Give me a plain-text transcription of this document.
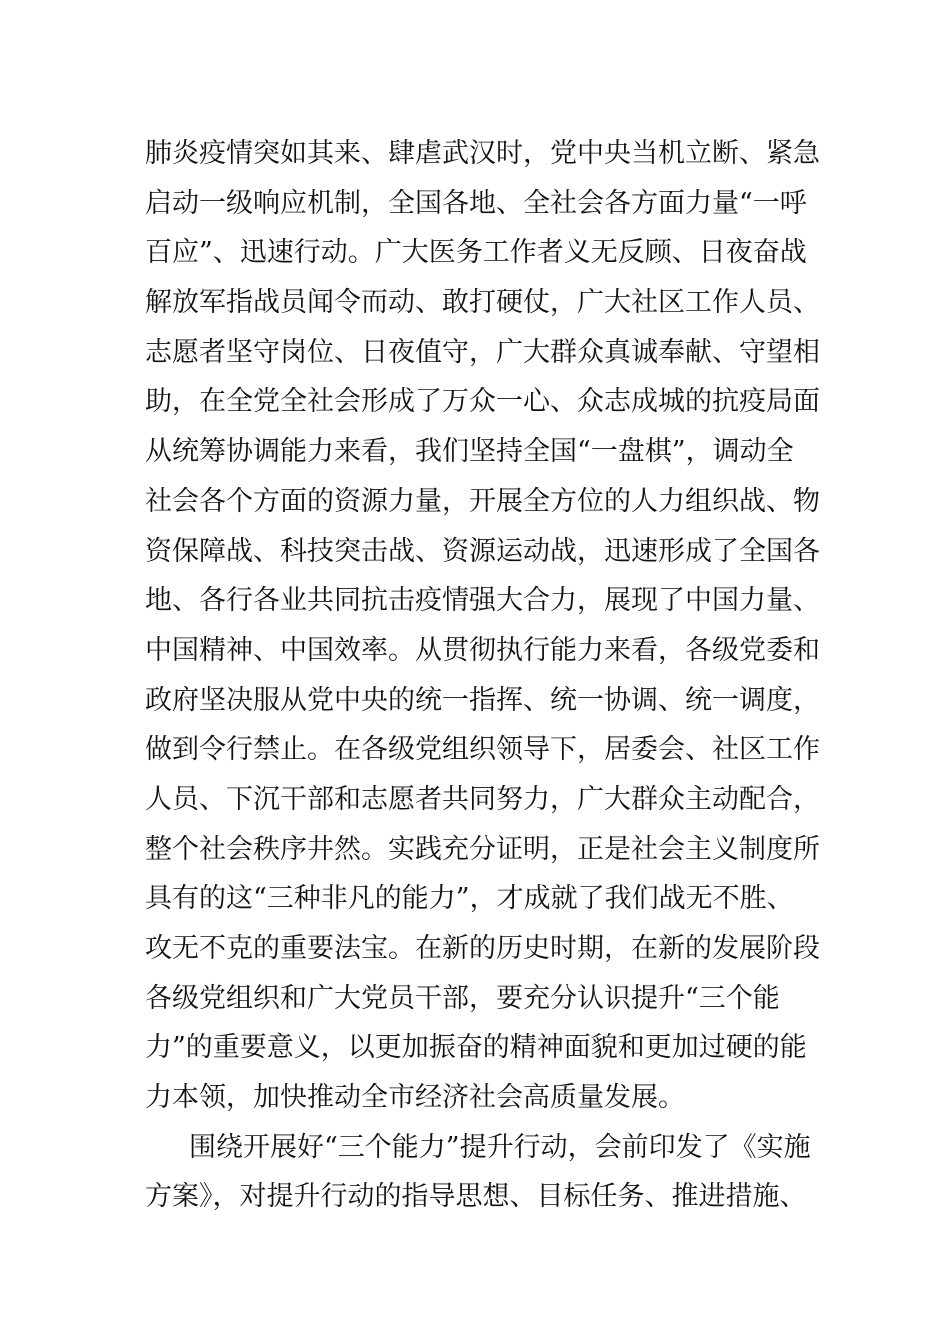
肺炎疫情突如其来、肆虐武汉时，党中央当机立断、紧急
启动一级响应机制，全国各地、全社会各方面力量“一呼
百应”、迅速行动。广大医务工作者义无反顾、日夜奋战
解放军指战员闻令而动、敢打硬仗，广大社区工作人员、
志愿者坚守岗位、日夜值守，广大群众真诚奉献、守望相
助，在全党全社会形成了万众一心、众志成城的抗疫局面
从统筹协调能力来看，我们坚持全国“一盘棋”，调动全
社会各个方面的资源力量，开展全方位的人力组织战、物
资保障战、科技突击战、资源运动战，迅速形成了全国各
地、各行各业共同抗击疫情强大合力，展现了中国力量、
中国精神、中国效率。从贯彻执行能力来看，各级党委和
政府坚决服从党中央的统一指挥、统一协调、统一调度，
做到令行禁止。在各级党组织领导下，居委会、社区工作
人员、下沉干部和志愿者共同努力，广大群众主动配合，
整个社会秩序井然。实践充分证明，正是社会主义制度所
具有的这“三种非凡的能力”，才成就了我们战无不胜、
攻无不克的重要法宝。在新的历史时期，在新的发展阶段
各级党组织和广大党员干部，要充分认识提升“三个能
力”的重要意义，以更加振奋的精神面貌和更加过硬的能
力本领，加快推动全市经济社会高质量发展。
围绕开展好“三个能力”提升行动，会前印发了《实施
方案》，对提升行动的指导思想、目标任务、推进措施、
